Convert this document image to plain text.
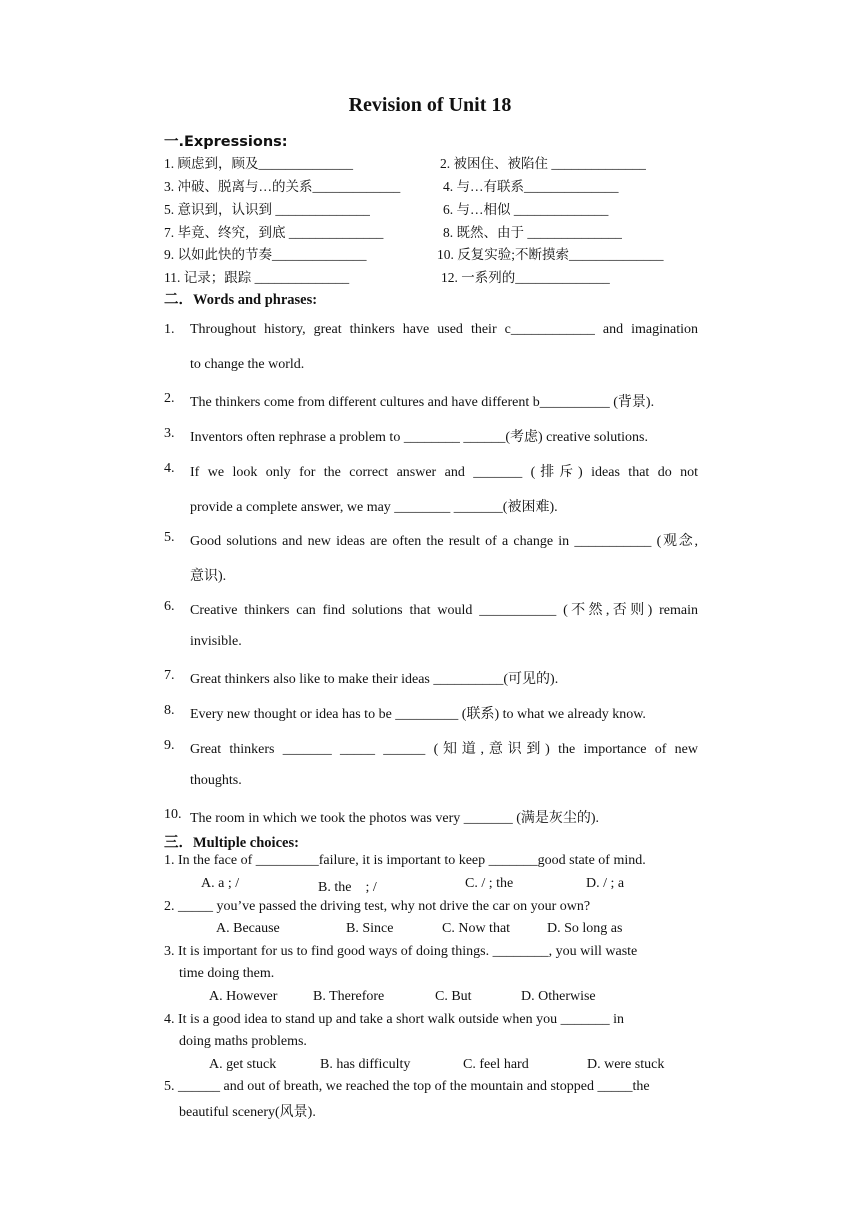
Revision of Unit 18
一.Expressions:
1. 顾虑到，顾及______________	2. 被困住、被陷住 ______________
3. 冲破、脱离与…的关系_____________	4. 与…有联系______________
5. 意识到，认识到 ______________	6. 与…相似 ______________
7. 毕竟、终究，到底 ______________	8. 既然、由于 ______________
9. 以如此快的节奏______________	10. 反复实验;不断摸索______________
11. 记录；跟踪 ______________	12. 一系列的______________
二．Words and phrases:
1. Throughout history, great thinkers have used their c____________ and imagination
to change the world.
2. The thinkers come from different cultures and have different b__________ (背景).
3. Inventors often rephrase a problem to ________ ______(考虑) creative solutions.
4. If we look only for the correct answer and _______ (排斥) ideas that do not
provide a complete answer, we may ________ _______(被困难).
5. Good solutions and new ideas are often the result of a change in ___________ (观念,
意识).
6. Creative thinkers can find solutions that would ___________ (不然,否则) remain
invisible.
7. Great thinkers also like to make their ideas __________(可见的).
8. Every new thought or idea has to be _________ (联系) to what we already know.
9. Great thinkers _______ _____ ______ (知道,意识到) the importance of new
thoughts.
10. The room in which we took the photos was very _______ (满是灰尘的).
三．Multiple choices:
1. In the face of _________failure, it is important to keep _______good state of mind.
A. a ; /	B. the　; /	C. / ; the	D. / ; a
2. _____ you’ve passed the driving test, why not drive the car on your own?
A. Because	B. Since	C. Now that	D. So long as
3. It is important for us to find good ways of doing things. ________, you will waste
time doing them.
A. However	B. Therefore	C. But	D. Otherwise
4. It is a good idea to stand up and take a short walk outside when you _______ in
doing maths problems.
A. get stuck	B. has difficulty	C. feel hard	D. were stuck
5. ______ and out of breath, we reached the top of the mountain and stopped _____the
beautiful scenery(风景).
